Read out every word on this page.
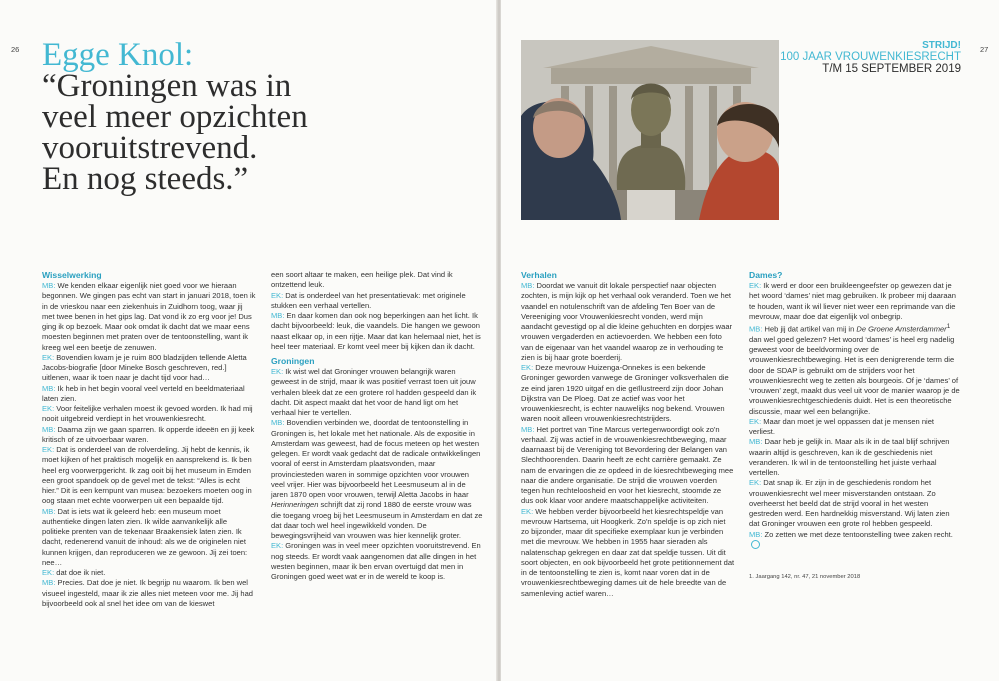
26 Egge Knol:
“Groningen was in
veel meer opzichten
vooruitstrevend.
En nog steeds.”

Wisselwerking

MB: We kenden elkaar eigenlijk niet goed voor we hieraan begonnen. We gingen pas echt van start in januari 2018, toen ik in de vrieskou naar een ziekenhuis in Zuidhorn toog, waar jij met twee benen in het gips lag. Dat vond ik zo erg voor je! Dus ging ik op bezoek. Maar ook omdat ik dacht dat we maar eens moesten beginnen met praten over de tentoonstelling, want ik kreeg wel een beetje de zenuwen.

EK: Bovendien kwam je je ruim 800 bladzijden tellende Aletta Jacobs-biografie [door Mineke Bosch geschreven, red.] uitlenen, waar ik toen naar je dacht tijd voor had…

MB: Ik heb in het begin vooral veel verteld en beeldmateriaal laten zien.

EK: Voor feitelijke verhalen moest ik gevoed worden. Ik had mij nooit uitgebreid verdiept in het vrouwenkiesrecht.

MB: Daarna zijn we gaan sparren. Ik opperde ideeën en jij keek kritisch of ze uitvoerbaar waren.

EK: Dat is onderdeel van de rolverdeling. Jij hebt de kennis, ik moet kijken of het praktisch mogelijk en aansprekend is. Ik ben heel erg voorwerpgericht. Ik zag ooit bij het museum in Emden een groot spandoek op de gevel met de tekst: “Alles is echt hier.” Dit is een kernpunt van musea: bezoekers moeten oog in oog staan met echte voorwerpen uit een bepaalde tijd.

MB: Dat is iets wat ik geleerd heb: een museum moet authentieke dingen laten zien. Ik wilde aanvankelijk alle politieke prenten van de tekenaar Braakensiek laten zien. Ik dacht, redenerend vanuit de inhoud: als we de originelen niet kunnen krijgen, dan reproduceren we ze gewoon. Jij zei toen: nee…

EK: dat doe ik niet.

MB: Precies. Dat doe je niet. Ik begrijp nu waarom. Ik ben wel visueel ingesteld, maar ik zie alles niet meteen voor me. Jij had bijvoorbeeld ook al snel het idee om van de kieswet

een soort altaar te maken, een heilige plek. Dat vind ik ontzettend leuk.

EK: Dat is onderdeel van het presentatievak: met originele stukken een verhaal vertellen.

MB: En daar komen dan ook nog beperkingen aan het licht. Ik dacht bijvoorbeeld: leuk, die vaandels. Die hangen we gewoon naast elkaar op, in een rijtje. Maar dat kan helemaal niet, het is heel teer materiaal. Er komt veel meer bij kijken dan ik dacht.

Groningen

EK: Ik wist wel dat Groninger vrouwen belangrijk waren geweest in de strijd, maar ik was positief verrast toen uit jouw verhalen bleek dat ze een grotere rol hadden gespeeld dan ik dacht. Dit aspect maakt dat het voor de hand ligt om het verhaal hier te vertellen.

MB: Bovendien verbinden we, doordat de tentoonstelling in Groningen is, het lokale met het nationale. Als de expositie in Amsterdam was geweest, had de focus meteen op het westen gelegen. Er wordt vaak gedacht dat de radicale ontwikkelingen vooral of eerst in Amsterdam plaatsvonden, maar provinciesteden waren in sommige opzichten voor vrouwen veel vrijer. Hier was bijvoorbeeld het Leesmuseum al in de jaren 1870 open voor vrouwen, terwijl Aletta Jacobs in haar Herinneringen schrijft dat zij rond 1880 de eerste vrouw was die toegang vroeg bij het Leesmuseum in Amsterdam en dat ze dat daar toch wel heel ingewikkeld vonden. De bewegingsvrijheid van vrouwen was hier kennelijk groter.

EK: Groningen was in veel meer opzichten vooruitstrevend. En nog steeds. Er wordt vaak aangenomen dat alle dingen in het westen beginnen, maar ik ben ervan overtuigd dat men in Groningen goed weet wat er in de wereld te koop is.

27
STRIJD!
100 JAAR VROUWENKIESRECHT
T/M 15 SEPTEMBER 2019

Verhalen

MB: Doordat we vanuit dit lokale perspectief naar objecten zochten, is mijn kijk op het verhaal ook veranderd. Toen we het vaandel en notulenschrift van de afdeling Ten Boer van de Vereeniging voor Vrouwenkiesrecht vonden, werd mijn aandacht gevestigd op al die kleine gehuchten en dorpjes waar vrouwen vergaderden en actievoerden. We hebben een foto van de eigenaar van het vaandel waarop ze in verhouding te zien is bij haar grote boerderij.

EK: Deze mevrouw Huizenga-Onnekes is een bekende Groninger geworden vanwege de Groninger volksverhalen die ze eind jaren 1920 uitgaf en die geïllustreerd zijn door Johan Dijkstra van De Ploeg. Dat ze actief was voor het vrouwenkiesrecht, is echter nauwelijks nog bekend. Vrouwen waren nooit alleen vrouwenkiesrechtstrijders.

MB: Het portret van Tine Marcus vertegenwoordigt ook zo'n verhaal. Zij was actief in de vrouwenkiesrechtbeweging, maar daarnaast bij de Vereniging tot Bevordering der Belangen van Slechthoorenden. Daarin heeft ze echt carrière gemaakt. Ze nam de ervaringen die ze opdeed in de kiesrechtbeweging mee naar die andere organisatie. De strijd die vrouwen voerden tegen hun rechteloosheid en voor het kiesrecht, stoomde ze dus ook klaar voor andere maatschappelijke activiteiten.

EK: We hebben verder bijvoorbeeld het kiesrechtspeldje van mevrouw Hartsema, uit Hoogkerk. Zo'n speldje is op zich niet zo bijzonder, maar dit specifieke exemplaar kun je verbinden met die mevrouw. We hebben in 1955 haar sieraden als nalatenschap gekregen en daar zat dat speldje tussen. Uit dit soort objecten, en ook bijvoorbeeld het grote petitionnement dat in de tentoonstelling te zien is, komt naar voren dat in de vrouwenkiesrechtbeweging dames uit de hele breedte van de samenleving actief waren…

Dames?

EK: Ik werd er door een bruikleengeefster op gewezen dat je het woord ‘dames’ niet mag gebruiken. Ik probeer mij daaraan te houden, want ik wil liever niet weer een reprimande van die mevrouw, maar doe dat eigenlijk vol onbegrip.

MB: Heb jij dat artikel van mij in De Groene Amsterdammer$^1$ dan wel goed gelezen? Het woord ‘dames’ is heel erg nadelig geweest voor de beeldvorming over de vrouwenkiesrechtbeweging. Het is een denigrerende term die door de SDAP is gebruikt om de strijders voor het vrouwenkiesrecht weg te zetten als bourgeois. Of je ‘dames’ of ‘vrouwen’ zegt, maakt dus veel uit voor de manier waarop je de vrouwenkiesrechtgeschiedenis duidt. Het is een theoretische discussie, maar wel een belangrijke.

EK: Maar dan moet je wel oppassen dat je mensen niet verliest.

MB: Daar heb je gelijk in. Maar als ik in de taal blijf schrijven waarin altijd is geschreven, kan ik de geschiedenis niet veranderen. Ik wil in de tentoonstelling het juiste verhaal vertellen.

EK: Dat snap ik. Er zijn in de geschiedenis rondom het vrouwenkiesrecht wel meer misverstanden ontstaan. Zo overheerst het beeld dat de strijd vooral in het westen gestreden werd. Een hardnekkig misverstand. Wij laten zien dat Groninger vrouwen een grote rol hebben gespeeld.

MB: Zo zetten we met deze tentoonstelling twee zaken recht.

1. Jaargang 142, nr. 47, 21 november 2018
